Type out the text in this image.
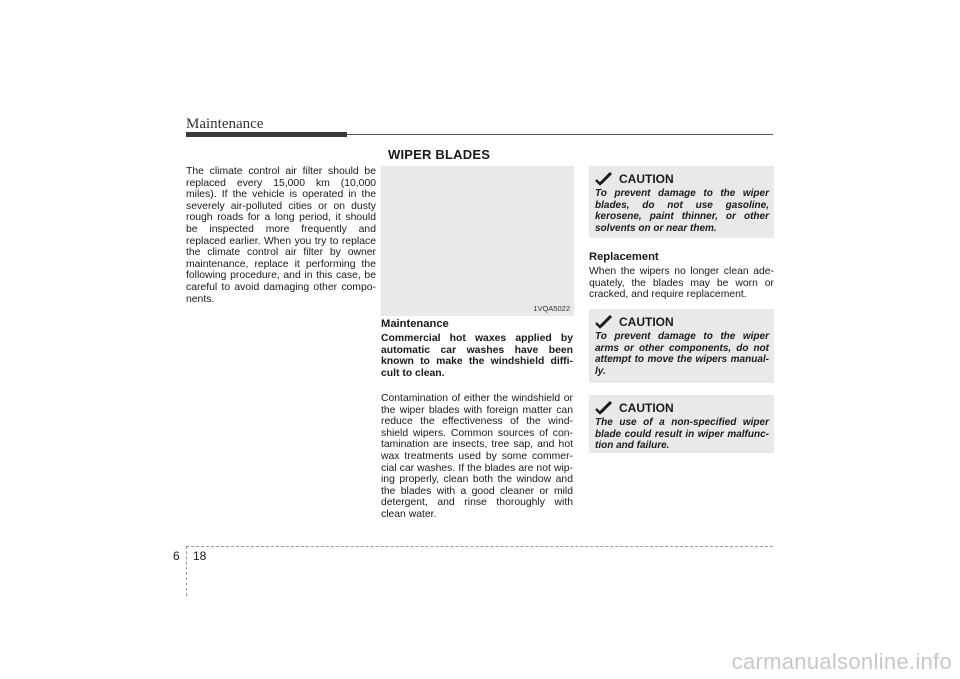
Maintenance
The climate control air filter should be replaced every 15,000 km (10,000 miles). If the vehicle is operated in the severely air-polluted cities or on dusty rough roads for a long period, it should be inspected more frequently and replaced earlier. When you try to replace the climate control air filter by owner maintenance, replace it performing the following procedure, and in this case, be careful to avoid damaging other compo-nents.
WIPER BLADES
1VQA5022
Maintenance
Commercial hot waxes applied by automatic car washes have been known to make the windshield diffi-cult to clean.
Contamination of either the windshield or the wiper blades with foreign matter can reduce the effectiveness of the wind-shield wipers. Common sources of con-tamination are insects, tree sap, and hot wax treatments used by some commer-cial car washes. If the blades are not wip-ing properly, clean both the window and the blades with a good cleaner or mild detergent, and rinse thoroughly with clean water.
CAUTION
To prevent damage to the wiper blades, do not use gasoline, kerosene, paint thinner, or other solvents on or near them.
Replacement
When the wipers no longer clean ade-quately, the blades may be worn or cracked, and require replacement.
CAUTION
To prevent damage to the wiper arms or other components, do not attempt to move the wipers manual-ly.
CAUTION
The use of a non-specified wiper blade could result in wiper malfunc-tion and failure.
6 18
carmanualsonline.info
